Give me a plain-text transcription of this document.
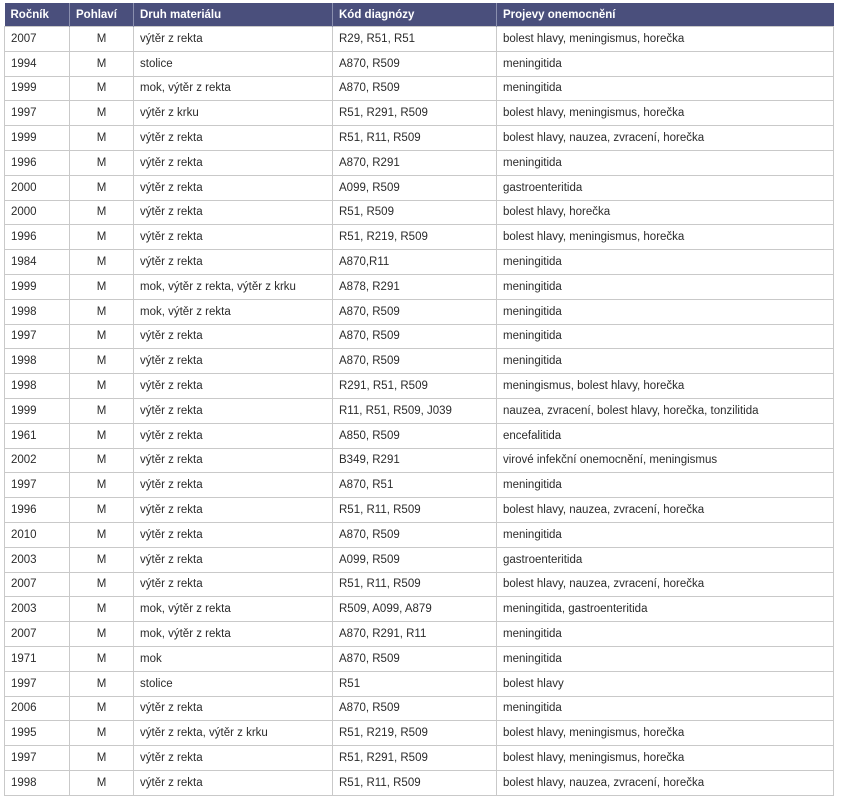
Ročník	Pohlaví	Druh materiálu	Kód diagnózy	Projevy onemocnění
2007	M	výtěr z rekta	R29, R51, R51	bolest hlavy, meningismus, horečka
1994	M	stolice	A870, R509	meningitida
1999	M	mok, výtěr z rekta	A870, R509	meningitida
1997	M	výtěr z krku	R51, R291, R509	bolest hlavy, meningismus, horečka
1999	M	výtěr z rekta	R51, R11, R509	bolest hlavy, nauzea, zvracení, horečka
1996	M	výtěr z rekta	A870, R291	meningitida
2000	M	výtěr z rekta	A099, R509	gastroenteritida
2000	M	výtěr z rekta	R51, R509	bolest hlavy, horečka
1996	M	výtěr z rekta	R51, R219, R509	bolest hlavy, meningismus, horečka
1984	M	výtěr z rekta	A870,R11	meningitida
1999	M	mok, výtěr z rekta, výtěr z krku	A878, R291	meningitida
1998	M	mok, výtěr z rekta	A870, R509	meningitida
1997	M	výtěr z rekta	A870, R509	meningitida
1998	M	výtěr z rekta	A870, R509	meningitida
1998	M	výtěr z rekta	R291, R51, R509	meningismus, bolest hlavy, horečka
1999	M	výtěr z rekta	R11, R51, R509, J039	nauzea, zvracení, bolest hlavy, horečka, tonzilitida
1961	M	výtěr z rekta	A850, R509	encefalitida
2002	M	výtěr z rekta	B349, R291	virové infekční onemocnění, meningismus
1997	M	výtěr z rekta	A870, R51	meningitida
1996	M	výtěr z rekta	R51, R11, R509	bolest hlavy, nauzea, zvracení, horečka
2010	M	výtěr z rekta	A870, R509	meningitida
2003	M	výtěr z rekta	A099, R509	gastroenteritida
2007	M	výtěr z rekta	R51, R11, R509	bolest hlavy, nauzea, zvracení, horečka
2003	M	mok, výtěr z rekta	R509, A099, A879	meningitida, gastroenteritida
2007	M	mok, výtěr z rekta	A870, R291, R11	meningitida
1971	M	mok	A870, R509	meningitida
1997	M	stolice	R51	bolest hlavy
2006	M	výtěr z rekta	A870, R509	meningitida
1995	M	výtěr z rekta, výtěr z krku	R51, R219, R509	bolest hlavy, meningismus, horečka
1997	M	výtěr z rekta	R51, R291, R509	bolest hlavy, meningismus, horečka
1998	M	výtěr z rekta	R51, R11, R509	bolest hlavy, nauzea, zvracení, horečka
